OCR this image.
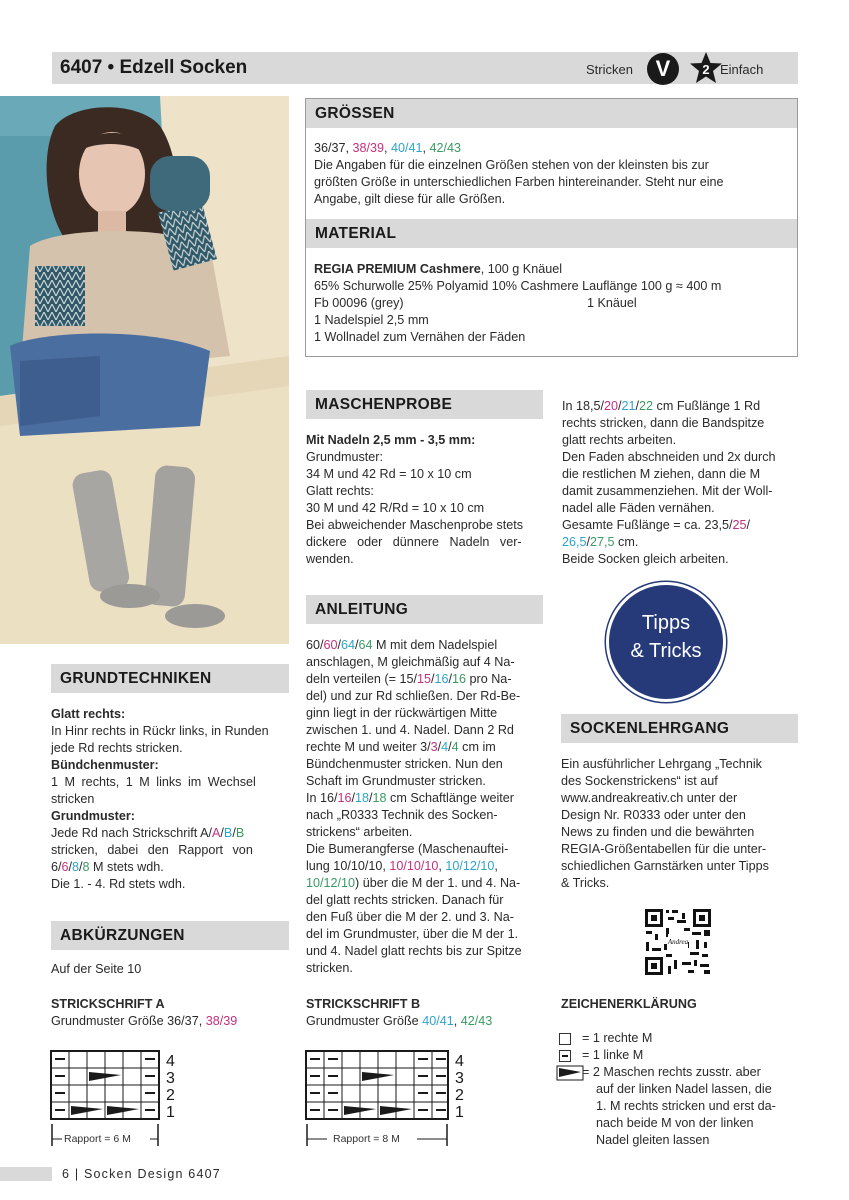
6407 • Edzell Socken	Stricken	V	2 Einfach
GRÖSSEN
36/37, 38/39, 40/41, 42/43
Die Angaben für die einzelnen Größen stehen von der kleinsten bis zur
größten Größe in unterschiedlichen Farben hintereinander. Steht nur eine
Angabe, gilt diese für alle Größen.
MATERIAL
REGIA PREMIUM Cashmere, 100 g Knäuel
65% Schurwolle 25% Polyamid 10% Cashmere Lauflänge 100 g ≈ 400 m
Fb 00096 (grey)	1 Knäuel
1 Nadelspiel 2,5 mm
1 Wollnadel zum Vernähen der Fäden
MASCHENPROBE
Mit Nadeln 2,5 mm - 3,5 mm:
Grundmuster:
34 M und 42 Rd = 10 x 10 cm
Glatt rechts:
30 M und 42 R/Rd = 10 x 10 cm
Bei abweichender Maschenprobe stets
dickere oder dünnere Nadeln ver-
wenden.
In 18,5/20/21/22 cm Fußlänge 1 Rd
rechts stricken, dann die Bandspitze
glatt rechts arbeiten.
Den Faden abschneiden und 2x durch
die restlichen M ziehen, dann die M
damit zusammenziehen. Mit der Woll-
nadel alle Fäden vernähen.
Gesamte Fußlänge = ca. 23,5/25/
26,5/27,5 cm.
Beide Socken gleich arbeiten.
Tipps
& Tricks
ANLEITUNG
60/60/64/64 M mit dem Nadelspiel
anschlagen, M gleichmäßig auf 4 Na-
deln verteilen (= 15/15/16/16 pro Na-
del) und zur Rd schließen. Der Rd-Be-
ginn liegt in der rückwärtigen Mitte
zwischen 1. und 4. Nadel. Dann 2 Rd
rechte M und weiter 3/3/4/4 cm im
Bündchenmuster stricken. Nun den
Schaft im Grundmuster stricken.
In 16/16/18/18 cm Schaftlänge weiter
nach „R0333 Technik des Socken-
strickens“ arbeiten.
Die Bumerangferse (Maschenauftei-
lung 10/10/10, 10/10/10, 10/12/10,
10/12/10) über die M der 1. und 4. Na-
del glatt rechts stricken. Danach für
den Fuß über die M der 2. und 3. Na-
del im Grundmuster, über die M der 1.
und 4. Nadel glatt rechts bis zur Spitze
stricken.
SOCKENLEHRGANG
Ein ausführlicher Lehrgang „Technik
des Sockenstrickens“ ist auf
www.andreakreativ.ch unter der
Design Nr. R0333 oder unter den
News zu finden und die bewährten
REGIA-Größentabellen für die unter-
schiedlichen Garnstärken unter Tipps
& Tricks.
Andrea
GRUNDTECHNIKEN
Glatt rechts:
In Hinr rechts in Rückr links, in Runden
jede Rd rechts stricken.
Bündchenmuster:
1 M rechts, 1 M links im Wechsel
stricken
Grundmuster:
Jede Rd nach Strickschrift A/A/B/B
stricken, dabei den Rapport von
6/6/8/8 M stets wdh.
Die 1. - 4. Rd stets wdh.
ABKÜRZUNGEN
Auf der Seite 10
STRICKSCHRIFT A
Grundmuster Größe 36/37, 38/39
4
3
2
1
Rapport = 6 M
STRICKSCHRIFT B
Grundmuster Größe 40/41, 42/43
4
3
2
1
Rapport = 8 M
ZEICHENERKLÄRUNG
= 1 rechte M
= 1 linke M
= 2 Maschen rechts zusstr. aber
auf der linken Nadel lassen, die
1. M rechts stricken und erst da-
nach beide M von der linken
Nadel gleiten lassen
6 | Socken Design 6407
